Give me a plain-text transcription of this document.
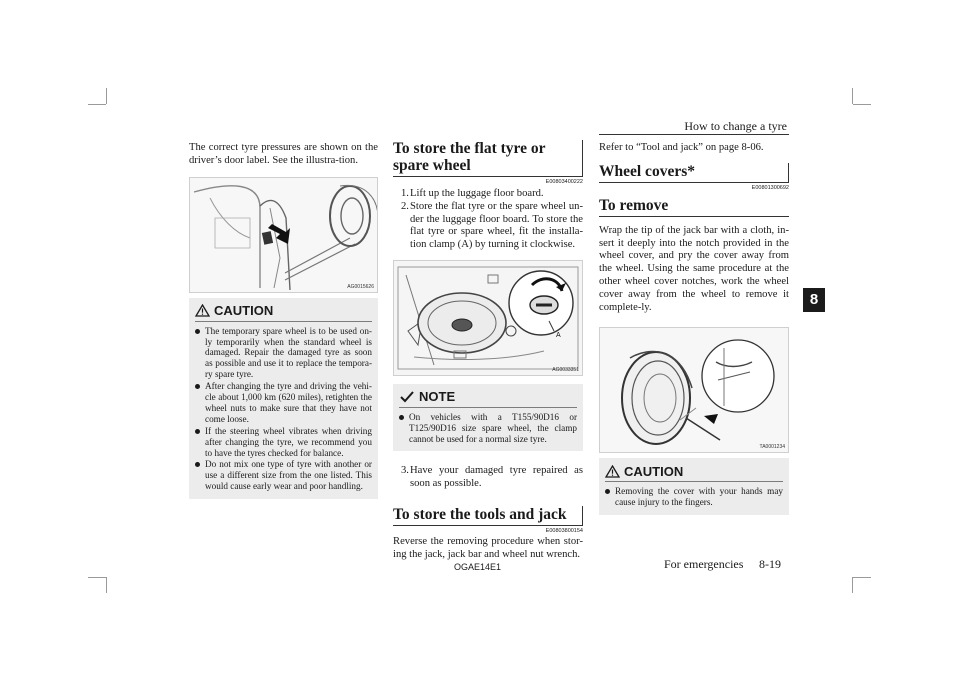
How to change a tyre
8

The correct tyre pressures are shown on the driver’s door label. See the illustra-tion.

AG0015626
CAUTION
The temporary spare wheel is to be used on-ly temporarily when the standard wheel is damaged. Repair the damaged tyre as soon as possible and use it to replace the tempora-ry spare tyre.
After changing the tyre and driving the vehi-cle about 1,000 km (620 miles), retighten the wheel nuts to make sure that they have not come loose.
If the steering wheel vibrates when driving after changing the tyre, we recommend you to have the tyres checked for balance.
Do not mix one type of tyre with another or use a different size from the one listed. This would cause early wear and poor handling.
To store the flat tyre or spare wheel
E00803400222
1. Lift up the luggage floor board.
2. Store the flat tyre or the spare wheel un-der the luggage floor board. To store the flat tyre or spare wheel, fit the installa-tion clamp (A) by turning it clockwise.
A
AG0033351
NOTE
On vehicles with a T155/90D16 or T125/90D16 size spare wheel, the clamp cannot be used for a normal size tyre.
3. Have your damaged tyre repaired as soon as possible.
To store the tools and jack
E00803800154

Reverse the removing procedure when stor-ing the jack, jack bar and wheel nut wrench.

Refer to “Tool and jack” on page 8-06.

Wheel covers*
E00801300692
To remove

Wrap the tip of the jack bar with a cloth, in-sert it deeply into the notch provided in the wheel cover, and pry the cover away from the wheel. Using the same procedure at the other wheel cover notches, work the wheel cover away from the wheel to remove it complete-ly.

TA0001234
CAUTION
Removing the cover with your hands may cause injury to the fingers.
OGAE14E1	For emergencies 8-19
